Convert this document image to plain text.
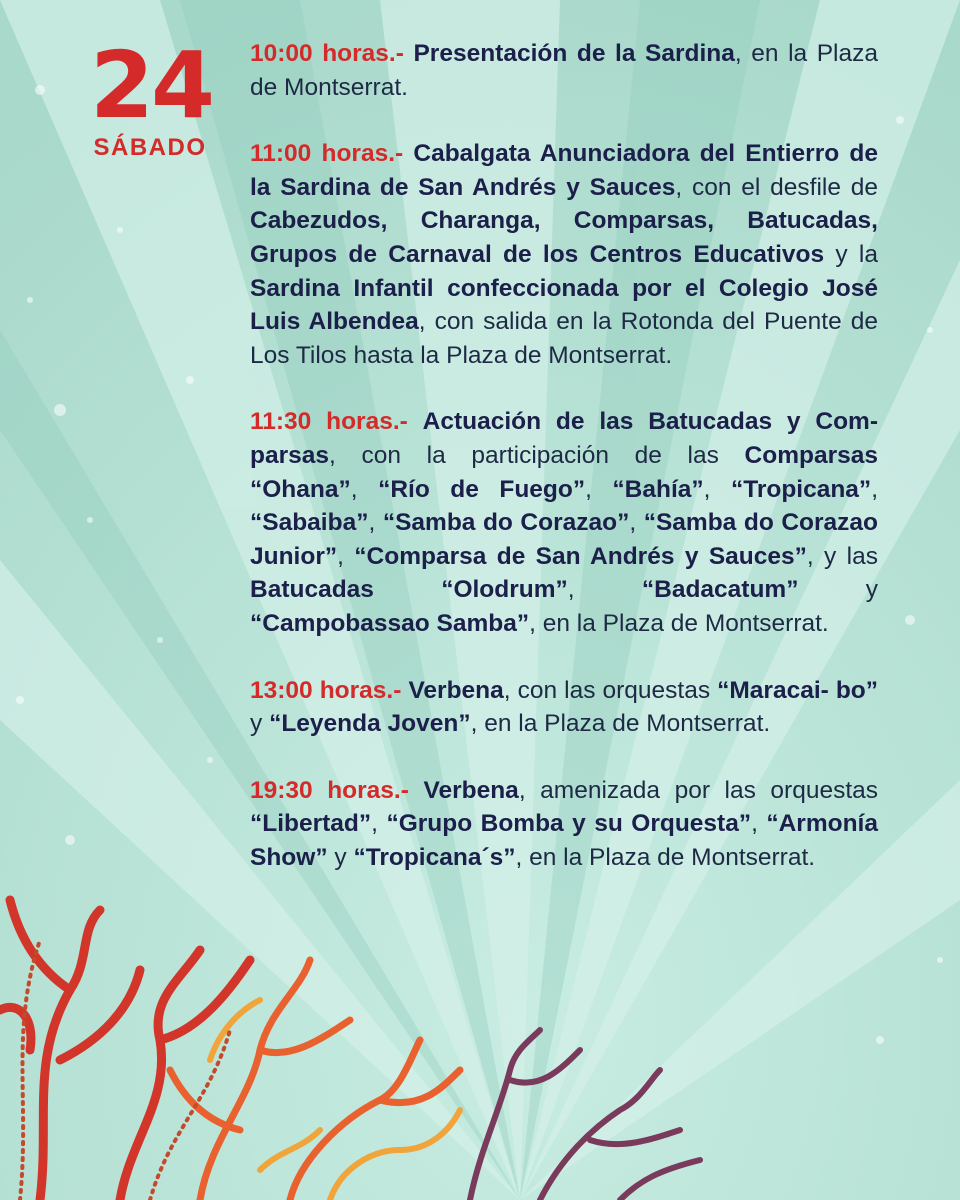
24
SÁBADO

10:00 horas.- Presentación de la Sardina, en la Plaza de Montserrat.

11:00 horas.- Cabalgata Anunciadora del Entierro de la Sardina de San Andrés y Sauces, con el desfile de Cabezudos, Charanga, Comparsas, Batucadas, Grupos de Carnaval de los Centros Educativos y la Sardina Infantil confeccionada por el Colegio José Luis Albendea, con salida en la Rotonda del Puente de Los Tilos hasta la Plaza de Montserrat.

11:30 horas.- Actuación de las Batucadas y Comparsas, con la participación de las Comparsas “Ohana”, “Río de Fuego”, “Bahía”, “Tropicana”, “Sabaiba”, “Samba do Corazao”, “Samba do Corazao Junior”, “Comparsa de San Andrés y Sauces”, y las Batucadas “Olodrum”, “Badacatum” y “Campobassao Samba”, en la Plaza de Montserrat.

13:00 horas.- Verbena, con las orquestas “Maracai- bo” y “Leyenda Joven”, en la Plaza de Montserrat.

19:30 horas.- Verbena, amenizada por las orquestas “Libertad”, “Grupo Bomba y su Orquesta”, “Armonía Show” y “Tropicana´s”, en la Plaza de Montserrat.
